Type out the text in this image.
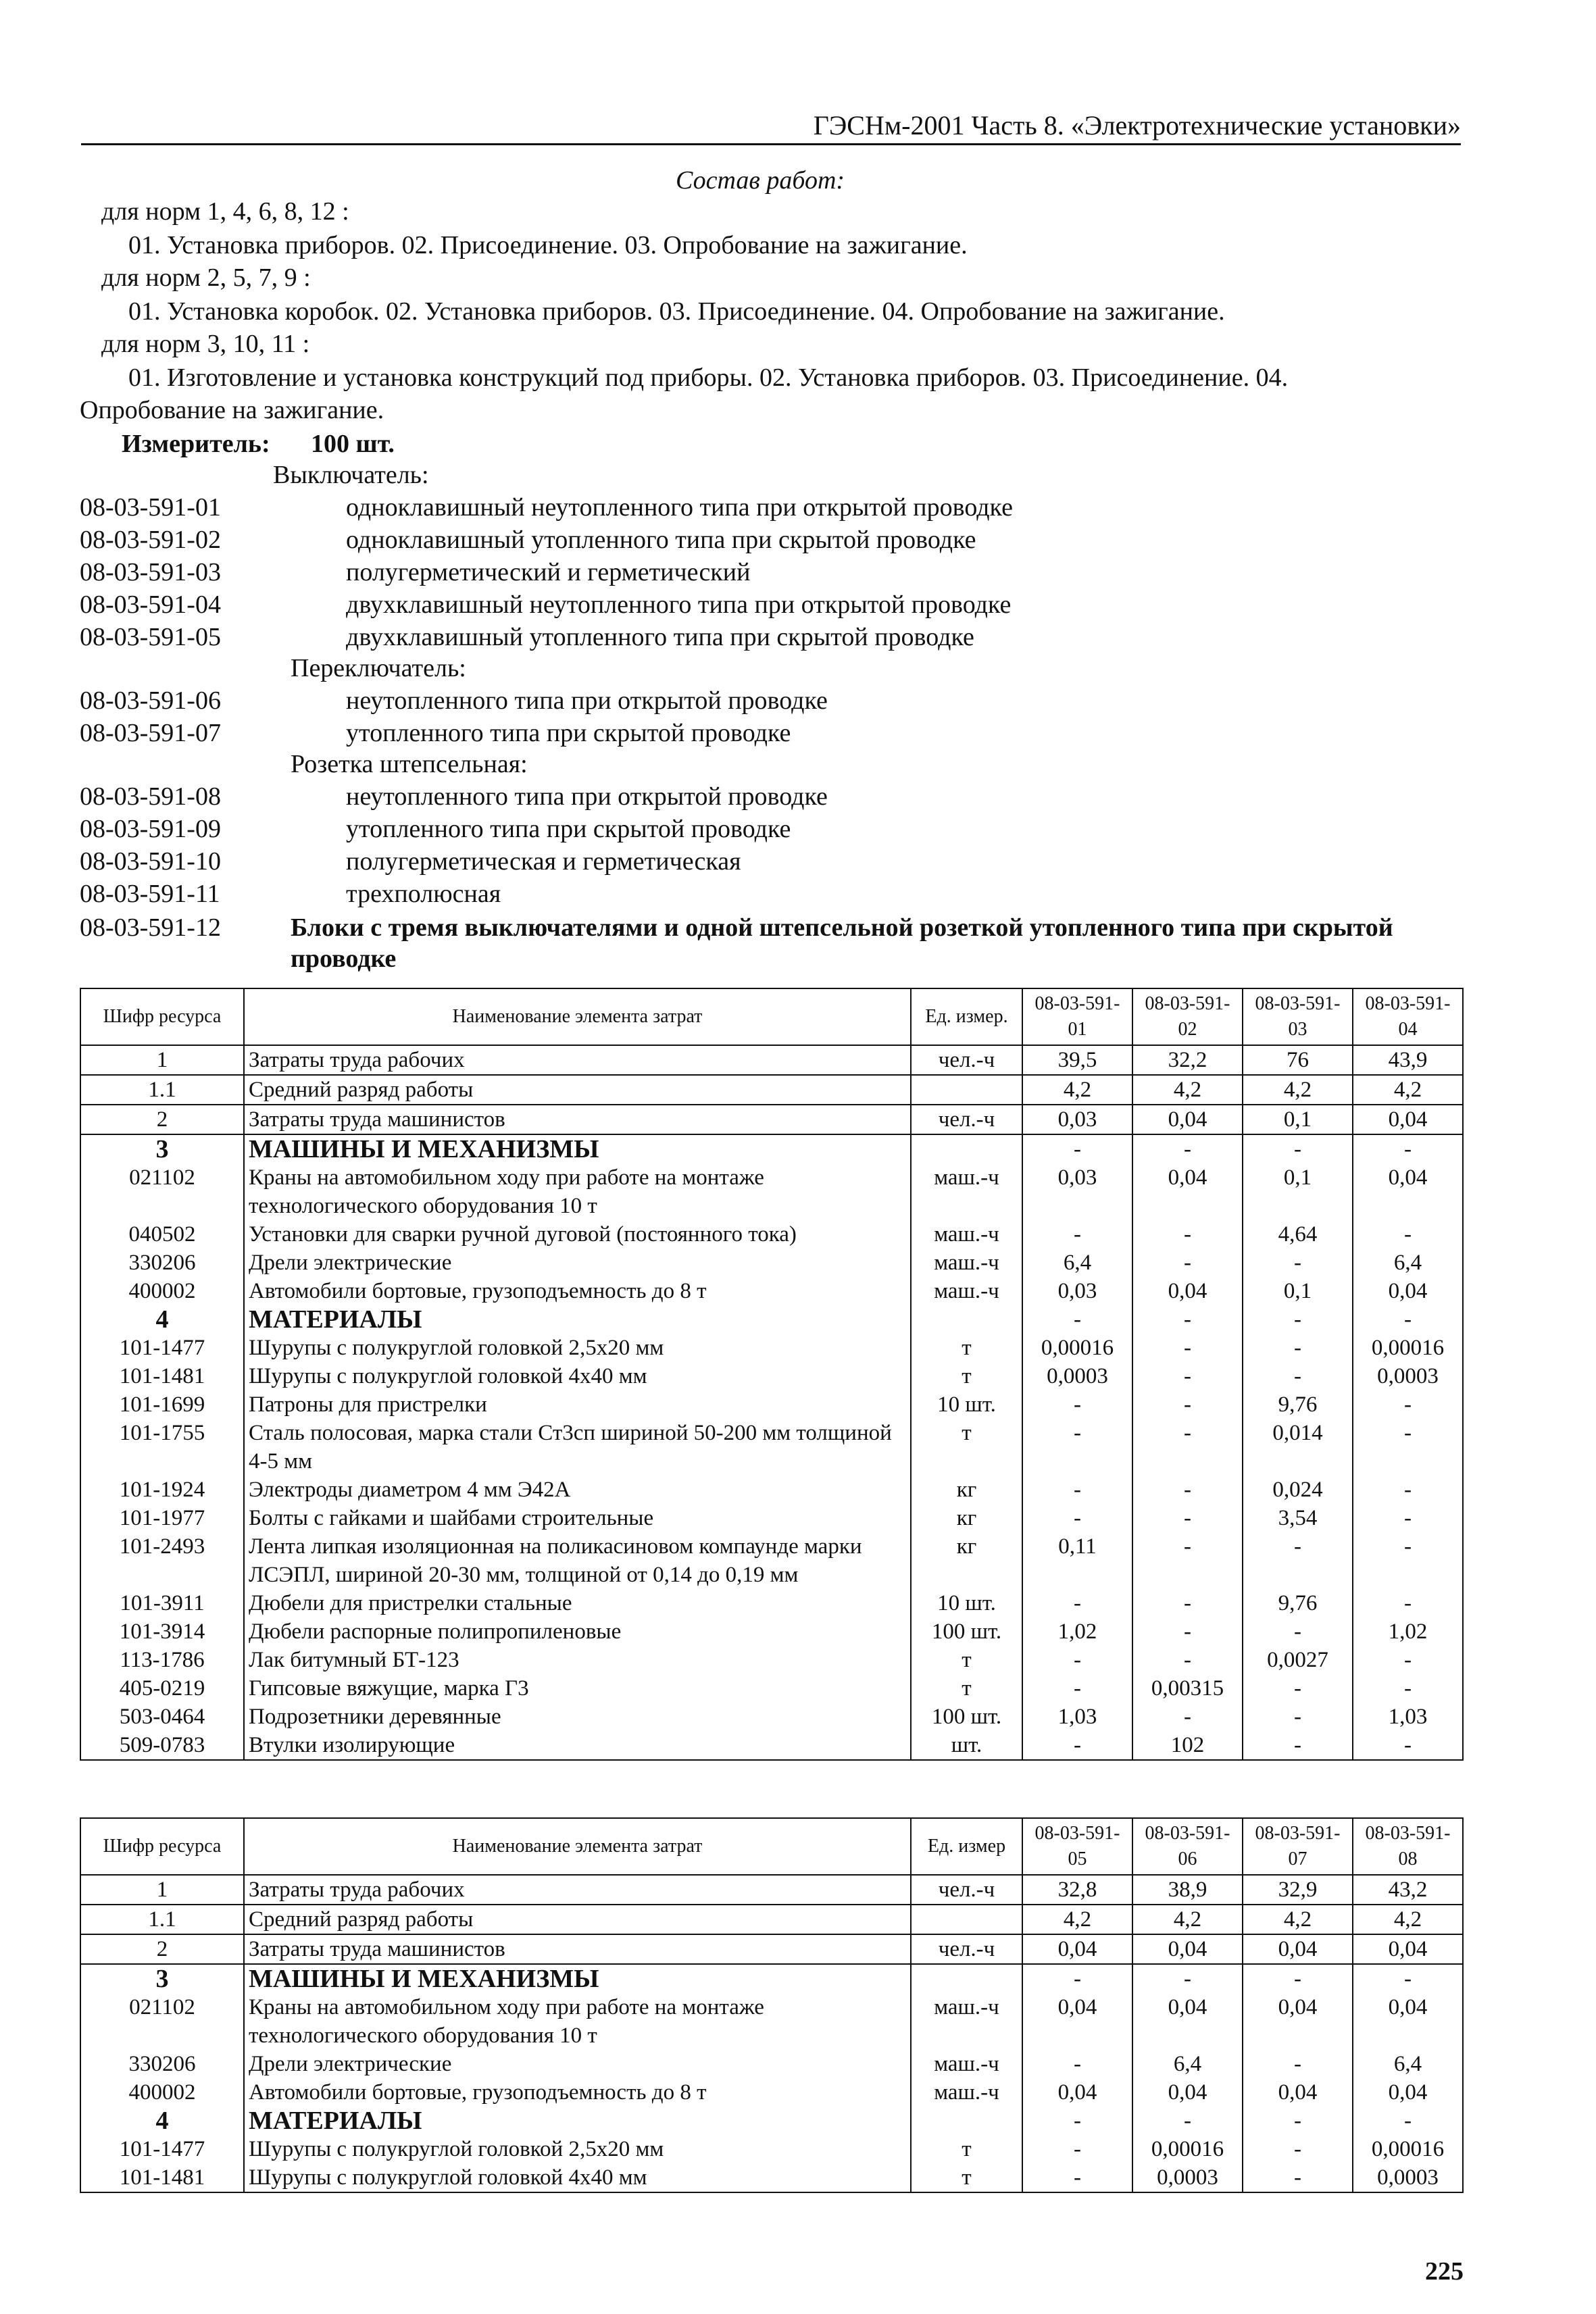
ГЭСНм-2001 Часть 8. «Электротехнические установки»
Состав работ:
для норм 1, 4, 6, 8, 12 :
01. Установка приборов. 02. Присоединение. 03. Опробование на зажигание.
для норм 2, 5, 7, 9 :
01. Установка коробок. 02. Установка приборов. 03. Присоединение. 04. Опробование на зажигание.
для норм 3, 10, 11 :
01. Изготовление и установка конструкций под приборы. 02. Установка приборов. 03. Присоединение. 04.
Опробование на зажигание.
Измеритель: 100 шт.
Выключатель:
08-03-591-01	одноклавишный неутопленного типа при открытой проводке
08-03-591-02	одноклавишный утопленного типа при скрытой проводке
08-03-591-03	полугерметический и герметический
08-03-591-04	двухклавишный неутопленного типа при открытой проводке
08-03-591-05	двухклавишный утопленного типа при скрытой проводке
Переключатель:
08-03-591-06	неутопленного типа при открытой проводке
08-03-591-07	утопленного типа при скрытой проводке
Розетка штепсельная:
08-03-591-08	неутопленного типа при открытой проводке
08-03-591-09	утопленного типа при скрытой проводке
08-03-591-10	полугерметическая и герметическая
08-03-591-11	трехполюсная
08-03-591-12	Блоки с тремя выключателями и одной штепсельной розеткой утопленного типа при скрытой проводке
Шифр ресурса	Наименование элемента затрат	Ед. измер.	08-03-591-01	08-03-591-02	08-03-591-03	08-03-591-04
1	Затраты труда рабочих	чел.-ч	39,5	32,2	76	43,9
1.1	Средний разряд работы		4,2	4,2	4,2	4,2
2	Затраты труда машинистов	чел.-ч	0,03	0,04	0,1	0,04
3	МАШИНЫ И МЕХАНИЗМЫ		-	-	-	-
021102	Краны на автомобильном ходу при работе на монтаже технологического оборудования 10 т	маш.-ч	0,03	0,04	0,1	0,04
040502	Установки для сварки ручной дуговой (постоянного тока)	маш.-ч	-	-	4,64	-
330206	Дрели электрические	маш.-ч	6,4	-	-	6,4
400002	Автомобили бортовые, грузоподъемность до 8 т	маш.-ч	0,03	0,04	0,1	0,04
4	МАТЕРИАЛЫ		-	-	-	-
101-1477	Шурупы с полукруглой головкой 2,5х20 мм	т	0,00016	-	-	0,00016
101-1481	Шурупы с полукруглой головкой 4х40 мм	т	0,0003	-	-	0,0003
101-1699	Патроны для пристрелки	10 шт.	-	-	9,76	-
101-1755	Сталь полосовая, марка стали Ст3сп шириной 50-200 мм толщиной 4-5 мм	т	-	-	0,014	-
101-1924	Электроды диаметром 4 мм Э42А	кг	-	-	0,024	-
101-1977	Болты с гайками и шайбами строительные	кг	-	-	3,54	-
101-2493	Лента липкая изоляционная на поликасиновом компаунде марки ЛСЭПЛ, шириной 20-30 мм, толщиной от 0,14 до 0,19 мм	кг	0,11	-	-	-
101-3911	Дюбели для пристрелки стальные	10 шт.	-	-	9,76	-
101-3914	Дюбели распорные полипропиленовые	100 шт.	1,02	-	-	1,02
113-1786	Лак битумный БТ-123	т	-	-	0,0027	-
405-0219	Гипсовые вяжущие, марка Г3	т	-	0,00315	-	-
503-0464	Подрозетники деревянные	100 шт.	1,03	-	-	1,03
509-0783	Втулки изолирующие	шт.	-	102	-	-
Шифр ресурса	Наименование элемента затрат	Ед. измер	08-03-591-05	08-03-591-06	08-03-591-07	08-03-591-08
1	Затраты труда рабочих	чел.-ч	32,8	38,9	32,9	43,2
1.1	Средний разряд работы		4,2	4,2	4,2	4,2
2	Затраты труда машинистов	чел.-ч	0,04	0,04	0,04	0,04
3	МАШИНЫ И МЕХАНИЗМЫ		-	-	-	-
021102	Краны на автомобильном ходу при работе на монтаже технологического оборудования 10 т	маш.-ч	0,04	0,04	0,04	0,04
330206	Дрели электрические	маш.-ч	-	6,4	-	6,4
400002	Автомобили бортовые, грузоподъемность до 8 т	маш.-ч	0,04	0,04	0,04	0,04
4	МАТЕРИАЛЫ		-	-	-	-
101-1477	Шурупы с полукруглой головкой 2,5х20 мм	т	-	0,00016	-	0,00016
101-1481	Шурупы с полукруглой головкой 4х40 мм	т	-	0,0003	-	0,0003
225
